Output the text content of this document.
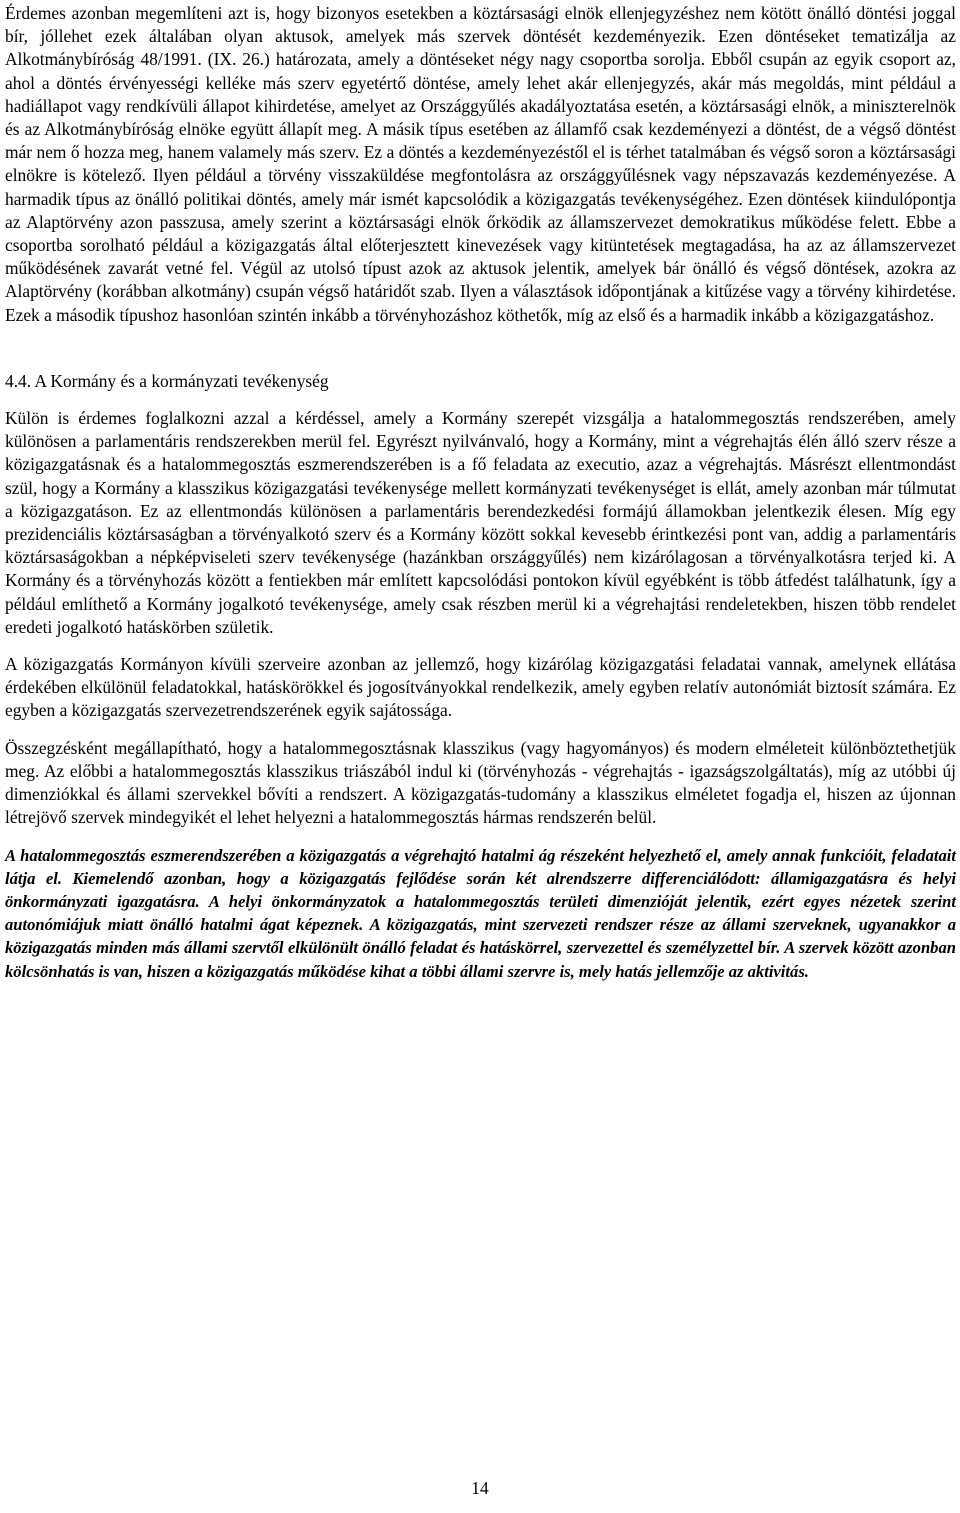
Érdemes azonban megemlíteni azt is, hogy bizonyos esetekben a köztársasági elnök ellenjegyzéshez nem kötött önálló döntési joggal bír, jóllehet ezek általában olyan aktusok, amelyek más szervek döntését kezdeményezik. Ezen döntéseket tematizálja az Alkotmánybíróság 48/1991. (IX. 26.) határozata, amely a döntéseket négy nagy csoportba sorolja. Ebből csupán az egyik csoport az, ahol a döntés érvényességi kelléke más szerv egyetértő döntése, amely lehet akár ellenjegyzés, akár más megoldás, mint például a hadiállapot vagy rendkívüli állapot kihirdetése, amelyet az Országgyűlés akadályoztatása esetén, a köztársasági elnök, a miniszterelnök és az Alkotmánybíróság elnöke együtt állapít meg. A másik típus esetében az államfő csak kezdeményezi a döntést, de a végső döntést már nem ő hozza meg, hanem valamely más szerv. Ez a döntés a kezdeményezéstől el is térhet tatalmában és végső soron a köztársasági elnökre is kötelező. Ilyen például a törvény visszaküldése megfontolásra az országgyűlésnek vagy népszavazás kezdeményezése. A harmadik típus az önálló politikai döntés, amely már ismét kapcsolódik a közigazgatás tevékenységéhez. Ezen döntések kiindulópontja az Alaptörvény azon passzusa, amely szerint a köztársasági elnök őrködik az államszervezet demokratikus működése felett. Ebbe a csoportba sorolható például a közigazgatás által előterjesztett kinevezések vagy kitüntetések megtagadása, ha az az államszervezet működésének zavarát vetné fel. Végül az utolsó típust azok az aktusok jelentik, amelyek bár önálló és végső döntések, azokra az Alaptörvény (korábban alkotmány) csupán végső határidőt szab. Ilyen a választások időpontjának a kitűzése vagy a törvény kihirdetése. Ezek a második típushoz hasonlóan szintén inkább a törvényhozáshoz köthetők, míg az első és a harmadik inkább a közigazgatáshoz.

4.4. A Kormány és a kormányzati tevékenység

Külön is érdemes foglalkozni azzal a kérdéssel, amely a Kormány szerepét vizsgálja a hatalommegosztás rendszerében, amely különösen a parlamentáris rendszerekben merül fel. Egyrészt nyilvánvaló, hogy a Kormány, mint a végrehajtás élén álló szerv része a közigazgatásnak és a hatalommegosztás eszmerendszerében is a fő feladata az executio, azaz a végrehajtás. Másrészt ellentmondást szül, hogy a Kormány a klasszikus közigazgatási tevékenysége mellett kormányzati tevékenységet is ellát, amely azonban már túlmutat a közigazgatáson. Ez az ellentmondás különösen a parlamentáris berendezkedési formájú államokban jelentkezik élesen. Míg egy prezidenciális köztársaságban a törvényalkotó szerv és a Kormány között sokkal kevesebb érintkezési pont van, addig a parlamentáris köztársaságokban a népképviseleti szerv tevékenysége (hazánkban országgyűlés) nem kizárólagosan a törvényalkotásra terjed ki. A Kormány és a törvényhozás között a fentiekben már említett kapcsolódási pontokon kívül egyébként is több átfedést találhatunk, így a például említhető a Kormány jogalkotó tevékenysége, amely csak részben merül ki a végrehajtási rendeletekben, hiszen több rendelet eredeti jogalkotó hatáskörben születik.

A közigazgatás Kormányon kívüli szerveire azonban az jellemző, hogy kizárólag közigazgatási feladatai vannak, amelynek ellátása érdekében elkülönül feladatokkal, hatáskörökkel és jogosítványokkal rendelkezik, amely egyben relatív autonómiát biztosít számára. Ez egyben a közigazgatás szervezetrendszerének egyik sajátossága.

Összegzésként megállapítható, hogy a hatalommegosztásnak klasszikus (vagy hagyományos) és modern elméleteit különböztethetjük meg. Az előbbi a hatalommegosztás klasszikus triászából indul ki (törvényhozás - végrehajtás - igazságszolgáltatás), míg az utóbbi új dimenziókkal és állami szervekkel bővíti a rendszert. A közigazgatás-tudomány a klasszikus elméletet fogadja el, hiszen az újonnan létrejövő szervek mindegyikét el lehet helyezni a hatalommegosztás hármas rendszerén belül.

A hatalommegosztás eszmerendszerében a közigazgatás a végrehajtó hatalmi ág részeként helyezhető el, amely annak funkcióit, feladatait látja el. Kiemelendő azonban, hogy a közigazgatás fejlődése során két alrendszerre differenciálódott: államigazgatásra és helyi önkormányzati igazgatásra. A helyi önkormányzatok a hatalommegosztás területi dimenzióját jelentik, ezért egyes nézetek szerint autonómiájuk miatt önálló hatalmi ágat képeznek. A közigazgatás, mint szervezeti rendszer része az állami szerveknek, ugyanakkor a közigazgatás minden más állami szervtől elkülönült önálló feladat és hatáskörrel, szervezettel és személyzettel bír. A szervek között azonban kölcsönhatás is van, hiszen a közigazgatás működése kihat a többi állami szervre is, mely hatás jellemzője az aktivitás.

14
